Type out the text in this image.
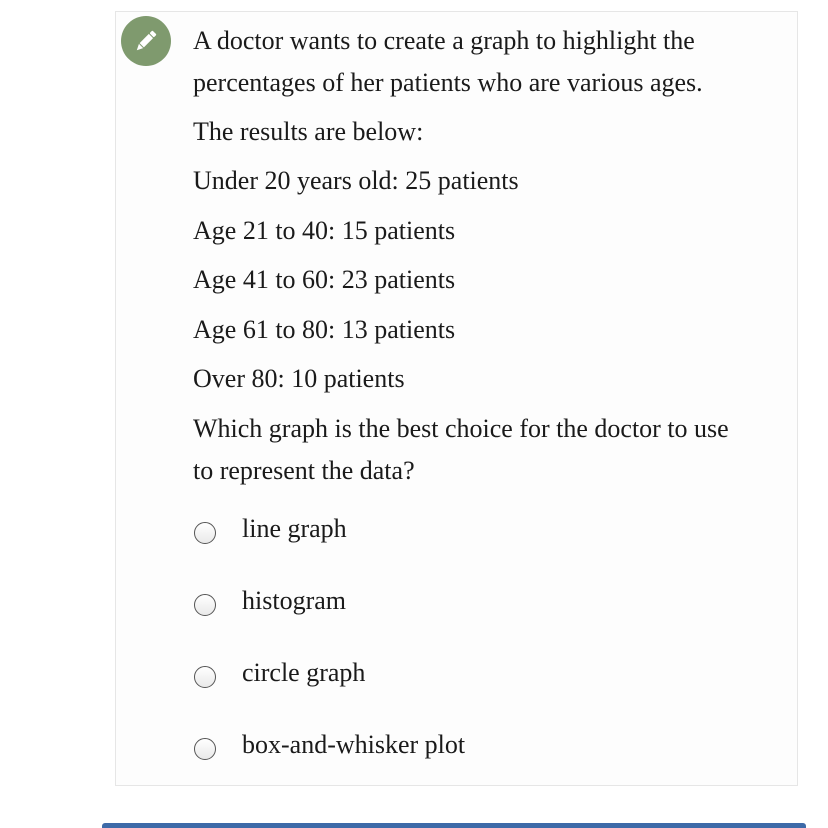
A doctor wants to create a graph to highlight the
percentages of her patients who are various ages.
The results are below:
Under 20 years old: 25 patients
Age 21 to 40: 15 patients
Age 41 to 60: 23 patients
Age 61 to 80: 13 patients
Over 80: 10 patients
Which graph is the best choice for the doctor to use
to represent the data?
line graph
histogram
circle graph
box-and-whisker plot
